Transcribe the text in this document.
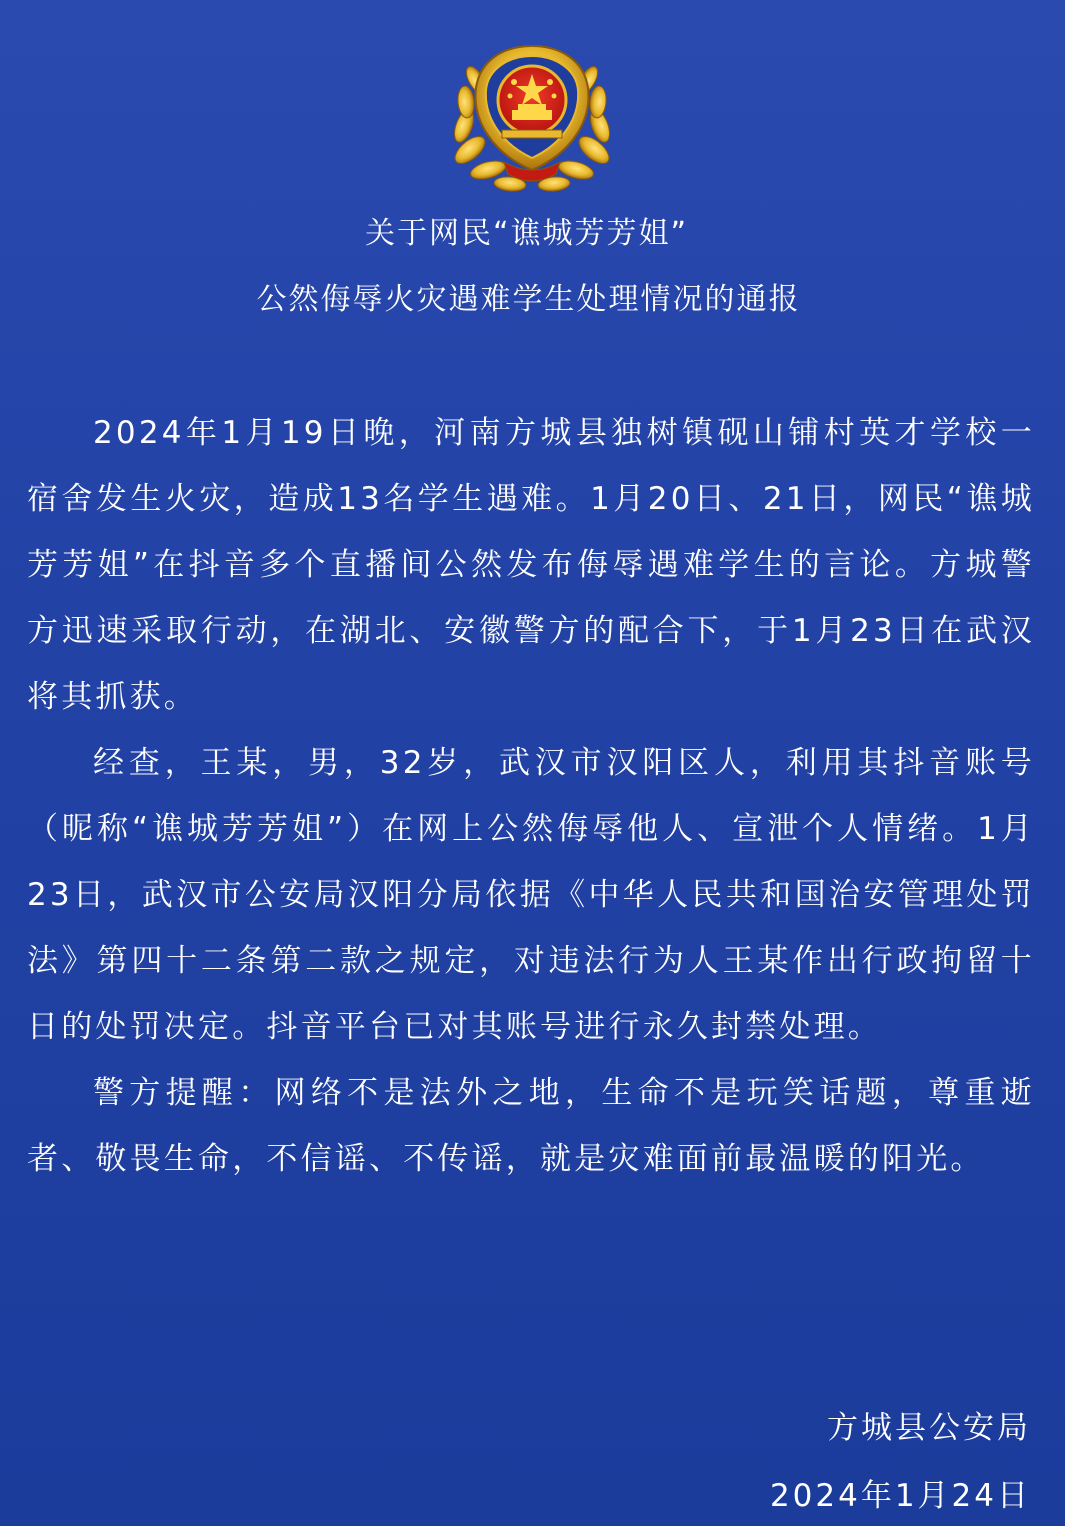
关于网民“谯城芳芳姐”
公然侮辱火灾遇难学生处理情况的通报

2024年1月19日晚，河南方城县独树镇砚山铺村英才学校一宿舍发生火灾，造成13名学生遇难。1月20日、21日，网民“谯城芳芳姐”在抖音多个直播间公然发布侮辱遇难学生的言论。方城警方迅速采取行动，在湖北、安徽警方的配合下，于1月23日在武汉将其抓获。

经查，王某，男，32岁，武汉市汉阳区人，利用其抖音账号（昵称“谯城芳芳姐”）在网上公然侮辱他人、宣泄个人情绪。1月23日，武汉市公安局汉阳分局依据《中华人民共和国治安管理处罚法》第四十二条第二款之规定，对违法行为人王某作出行政拘留十日的处罚决定。抖音平台已对其账号进行永久封禁处理。

警方提醒：网络不是法外之地，生命不是玩笑话题，尊重逝者、敬畏生命，不信谣、不传谣，就是灾难面前最温暖的阳光。

方城县公安局
2024年1月24日
